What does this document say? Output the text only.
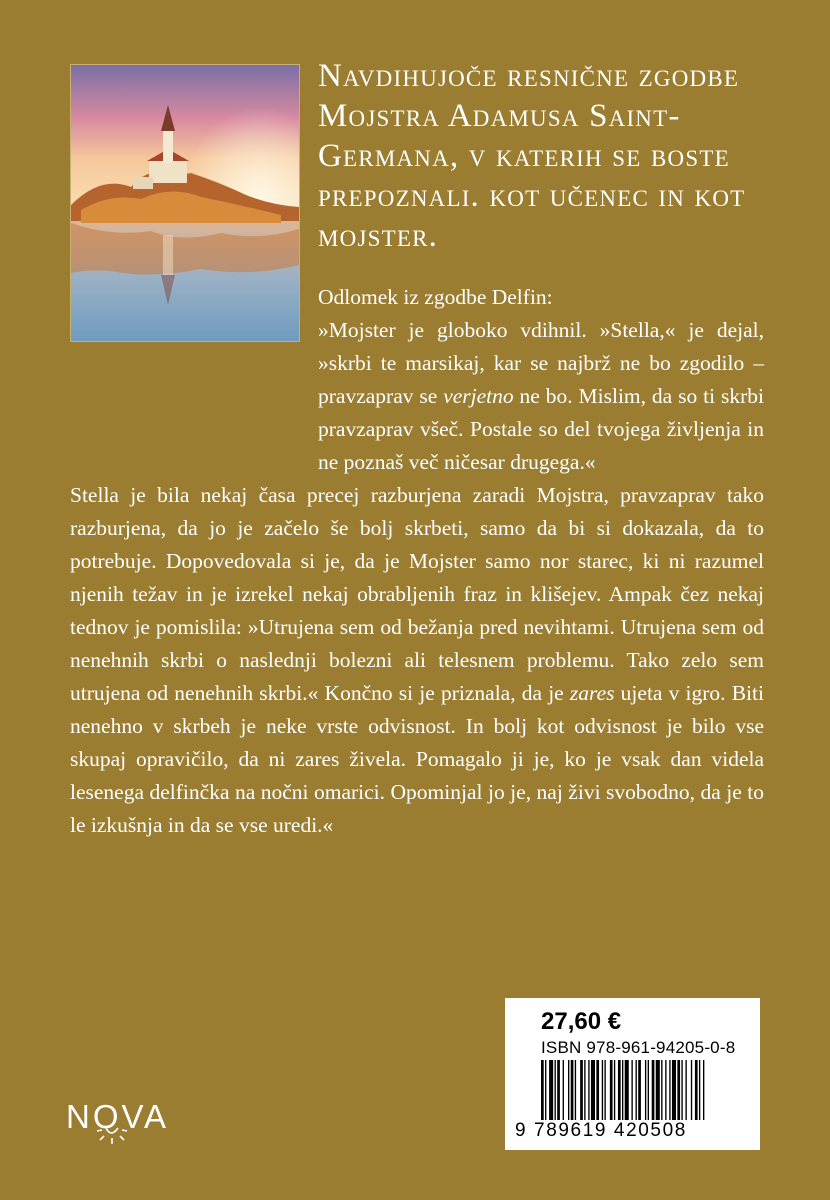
Navdihujoče resnične zgodbe Mojstra Adamusa Saint-Germana, v katerih se boste prepoznali. kot učenec in kot mojster.

Odlomek iz zgodbe Delfin:

»Mojster je globoko vdihnil. »Stella,« je dejal, »skrbi te marsikaj, kar se najbrž ne bo zgodilo – pravzaprav se verjetno ne bo. Mislim, da so ti skrbi pravzaprav všeč. Postale so del tvojega življenja in ne poznaš več ničesar drugega.«

Stella je bila nekaj časa precej razburjena zaradi Mojstra, pravzaprav tako razburjena, da jo je začelo še bolj skrbeti, samo da bi si dokazala, da to potrebuje. Dopovedovala si je, da je Mojster samo nor starec, ki ni razumel njenih težav in je izrekel nekaj obrabljenih fraz in klišejev. Ampak čez nekaj tednov je pomislila: »Utrujena sem od bežanja pred nevihtami. Utrujena sem od nenehnih skrbi o naslednji bolezni ali telesnem problemu. Tako zelo sem utrujena od nenehnih skrbi.« Končno si je priznala, da je zares ujeta v igro. Biti nenehno v skrbeh je neke vrste odvisnost. In bolj kot odvisnost je bilo vse skupaj opravičilo, da ni zares živela. Pomagalo ji je, ko je vsak dan videla lesenega delfinčka na nočni omarici. Opominjal jo je, naj živi svobodno, da je to le izkušnja in da se vse uredi.«

27,60 €
ISBN 978-961-94205-0-8
9 789619 420508
NOVA
